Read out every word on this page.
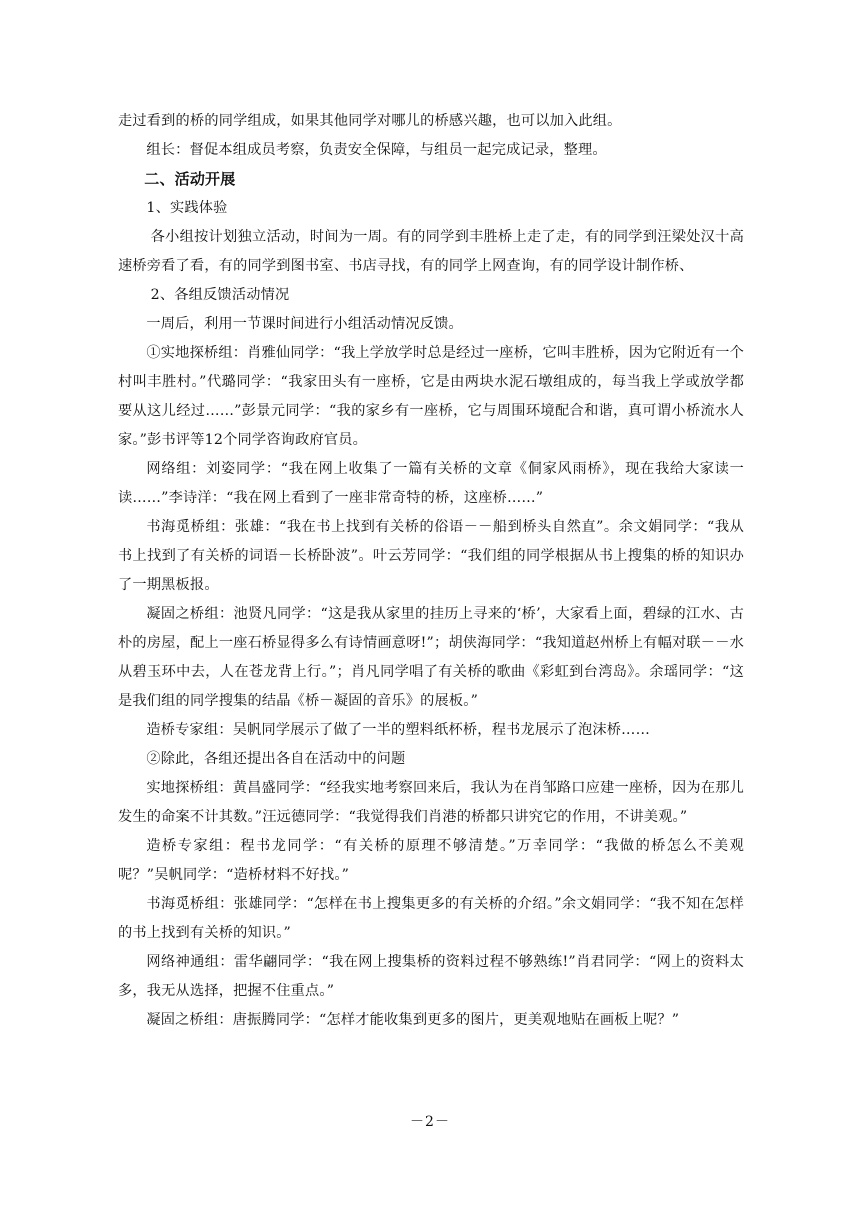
走过看到的桥的同学组成，如果其他同学对哪儿的桥感兴趣，也可以加入此组。

组长：督促本组成员考察，负责安全保障，与组员一起完成记录，整理。

二、活动开展

1、实践体验

各小组按计划独立活动，时间为一周。有的同学到丰胜桥上走了走，有的同学到汪梁处汉十高速桥旁看了看，有的同学到图书室、书店寻找，有的同学上网查询，有的同学设计制作桥、

2、各组反馈活动情况

一周后，利用一节课时间进行小组活动情况反馈。

①实地探桥组：肖雅仙同学：“我上学放学时总是经过一座桥，它叫丰胜桥，因为它附近有一个村叫丰胜村。”代璐同学：“我家田头有一座桥，它是由两块水泥石墩组成的，每当我上学或放学都要从这儿经过……”彭景元同学：“我的家乡有一座桥，它与周围环境配合和谐，真可谓小桥流水人家。”彭书评等12个同学咨询政府官员。

网络组：刘姿同学：“我在网上收集了一篇有关桥的文章《侗家风雨桥》，现在我给大家读一读……”李诗洋：“我在网上看到了一座非常奇特的桥，这座桥……”

书海觅桥组：张雄：“我在书上找到有关桥的俗语－－船到桥头自然直”。余文娟同学：“我从书上找到了有关桥的词语－长桥卧波”。叶云芳同学：“我们组的同学根据从书上搜集的桥的知识办了一期黑板报。

凝固之桥组：池贤凡同学：“这是我从家里的挂历上寻来的‘桥’，大家看上面，碧绿的江水、古朴的房屋，配上一座石桥显得多么有诗情画意呀!”；胡侠海同学：“我知道赵州桥上有幅对联－－水从碧玉环中去，人在苍龙背上行。”；肖凡同学唱了有关桥的歌曲《彩虹到台湾岛》。余瑶同学：“这是我们组的同学搜集的结晶《桥－凝固的音乐》的展板。”

造桥专家组：吴帆同学展示了做了一半的塑料纸杯桥，程书龙展示了泡沫桥……

②除此，各组还提出各自在活动中的问题

实地探桥组：黄昌盛同学：“经我实地考察回来后，我认为在肖邹路口应建一座桥，因为在那儿发生的命案不计其数。”汪远德同学：“我觉得我们肖港的桥都只讲究它的作用，不讲美观。”

造桥专家组：程书龙同学：“有关桥的原理不够清楚。”万幸同学：“我做的桥怎么不美观呢？”吴帆同学：“造桥材料不好找。”

书海觅桥组：张雄同学：“怎样在书上搜集更多的有关桥的介绍。”余文娟同学：“我不知在怎样的书上找到有关桥的知识。”

网络神通组：雷华翩同学：“我在网上搜集桥的资料过程不够熟练!”肖君同学：“网上的资料太多，我无从选择，把握不住重点。”

凝固之桥组：唐振腾同学：“怎样才能收集到更多的图片，更美观地贴在画板上呢？”

－2－
